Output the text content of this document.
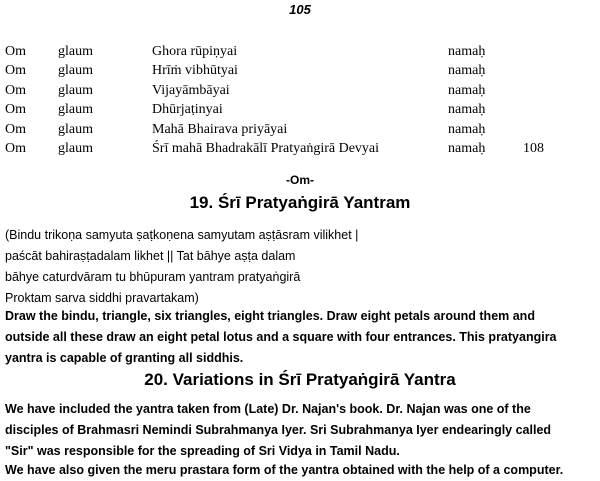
105
Om	glaum	Ghora rūpiṇyai	namaḥ	
Om	glaum	Hrīṁ vibhūtyai	namaḥ	
Om	glaum	Vijayāmbāyai	namaḥ	
Om	glaum	Dhūrjaṭinyai	namaḥ	
Om	glaum	Mahā Bhairava priyāyai	namaḥ	
Om	glaum	Śrī mahā Bhadrakālī Pratyaṅgirā Devyai	namaḥ	108
-Om-
19. Śrī Pratyaṅgirā Yantram

(Bindu trikoṇa samyuta ṣaṭkoṇena samyutam aṣṭāsram vilikhet |

paścāt bahiraṣṭadalam likhet || Tat bāhye aṣṭa dalam

bāhye caturdvāram tu bhūpuram yantram pratyaṅgirā

Proktam sarva siddhi pravartakam)

Draw the bindu, triangle, six triangles, eight triangles. Draw eight petals around them and

outside all these draw an eight petal lotus and a square with four entrances. This pratyangira

yantra is capable of granting all siddhis.

20. Variations in Śrī Pratyaṅgirā Yantra

We have included the yantra taken from (Late) Dr. Najan's book. Dr. Najan was one of the

disciples of Brahmasri Nemindi Subrahmanya Iyer. Sri Subrahmanya Iyer endearingly called

"Sir" was responsible for the spreading of Sri Vidya in Tamil Nadu.

We have also given the meru prastara form of the yantra obtained with the help of a computer.
